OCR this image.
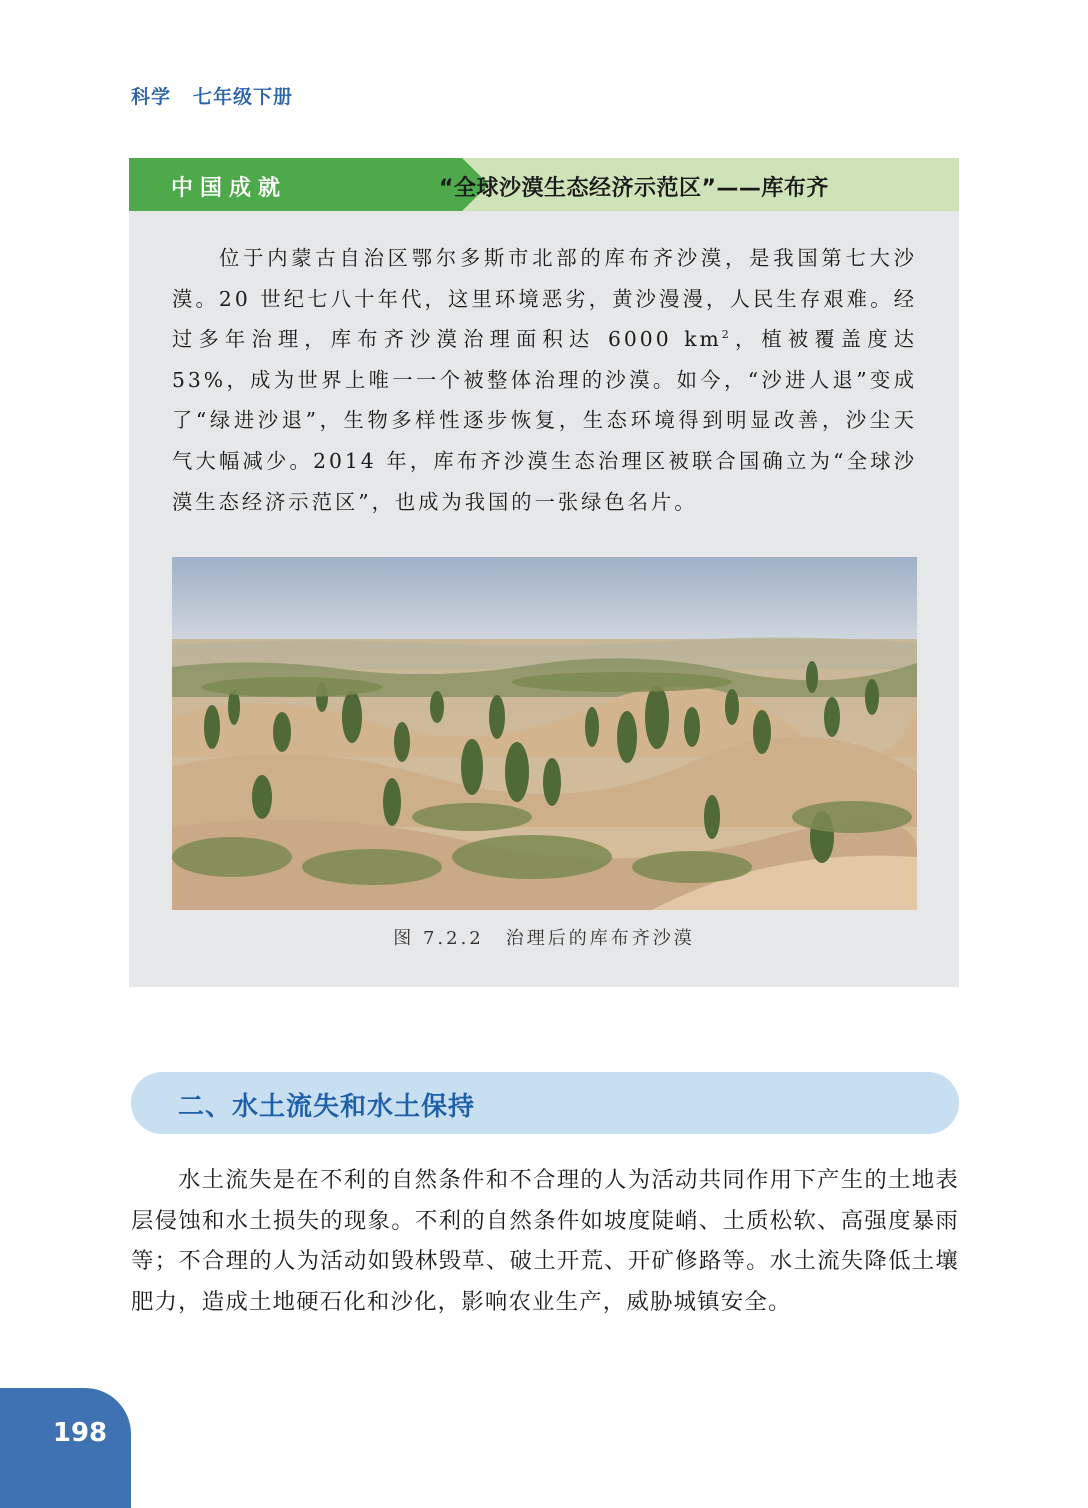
科学 七年级下册
中国成就	“全球沙漠生态经济示范区”——库布齐

位于内蒙古自治区鄂尔多斯市北部的库布齐沙漠，是我国第七大沙漠。20 世纪七八十年代，这里环境恶劣，黄沙漫漫，人民生存艰难。经过多年治理，库布齐沙漠治理面积达 6000 $km^2$，植被覆盖度达 53%，成为世界上唯一一个被整体治理的沙漠。如今，“沙进人退”变成了“绿进沙退”，生物多样性逐步恢复，生态环境得到明显改善，沙尘天气大幅减少。2014 年，库布齐沙漠生态治理区被联合国确立为“全球沙漠生态经济示范区”，也成为我国的一张绿色名片。

图 7.2.2 治理后的库布齐沙漠
二、水土流失和水土保持

水土流失是在不利的自然条件和不合理的人为活动共同作用下产生的土地表层侵蚀和水土损失的现象。不利的自然条件如坡度陡峭、土质松软、高强度暴雨等；不合理的人为活动如毁林毁草、破土开荒、开矿修路等。水土流失降低土壤肥力，造成土地硬石化和沙化，影响农业生产，威胁城镇安全。

198
